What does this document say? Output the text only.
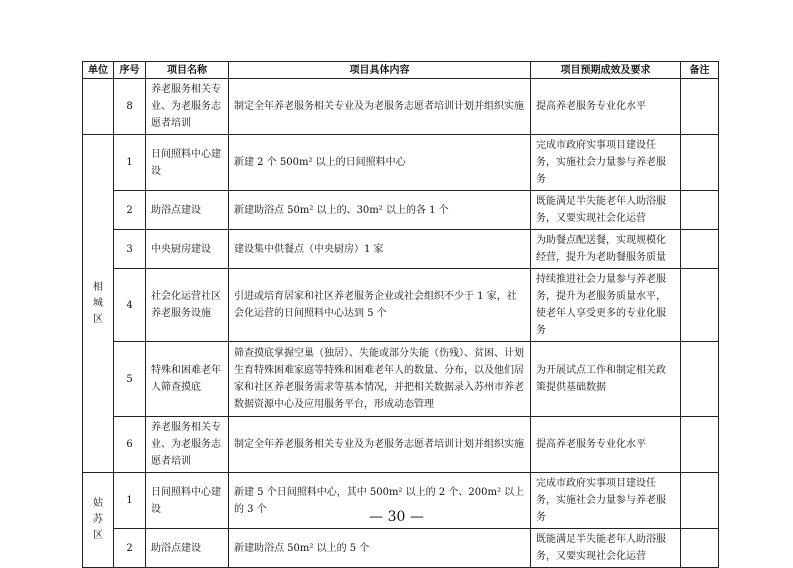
单位	序号	项目名称	项目具体内容	项目预期成效及要求	备注
	8	养老服务相关专业、为老服务志愿者培训	制定全年养老服务相关专业及为老服务志愿者培训计划并组织实施	提高养老服务专业化水平	
相城区	1	日间照料中心建设	新建 2 个 500m² 以上的日间照料中心	完成市政府实事项目建设任务，实施社会力量参与养老服务	
	2	助浴点建设	新建助浴点 50m² 以上的、30m² 以上的各 1 个	既能满足半失能老年人助浴服务，又要实现社会化运营	
	3	中央厨房建设	建设集中供餐点（中央厨房）1 家	为助餐点配送餐，实现规模化经营，提升为老助餐服务质量	
	4	社会化运营社区养老服务设施	引进或培育居家和社区养老服务企业或社会组织不少于 1 家，社会化运营的日间照料中心达到 5 个	持续推进社会力量参与养老服务，提升为老服务质量水平，使老年人享受更多的专业化服务	
	5	特殊和困难老年人筛查摸底	筛查摸底掌握空巢（独居）、失能或部分失能（伤残）、贫困、计划生育特殊困难家庭等特殊和困难老年人的数量、分布，以及他们居家和社区养老服务需求等基本情况，并把相关数据录入苏州市养老数据资源中心及应用服务平台，形成动态管理	为开展试点工作和制定相关政策提供基础数据	
	6	养老服务相关专业、为老服务志愿者培训	制定全年养老服务相关专业及为老服务志愿者培训计划并组织实施	提高养老服务专业化水平	
姑苏区	1	日间照料中心建设	新建 5 个日间照料中心，其中 500m² 以上的 2 个、200m² 以上的 3 个	完成市政府实事项目建设任务，实施社会力量参与养老服务	
	2	助浴点建设	新建助浴点 50m² 以上的 5 个	既能满足半失能老年人助浴服务，又要实现社会化运营	
— 30 —
